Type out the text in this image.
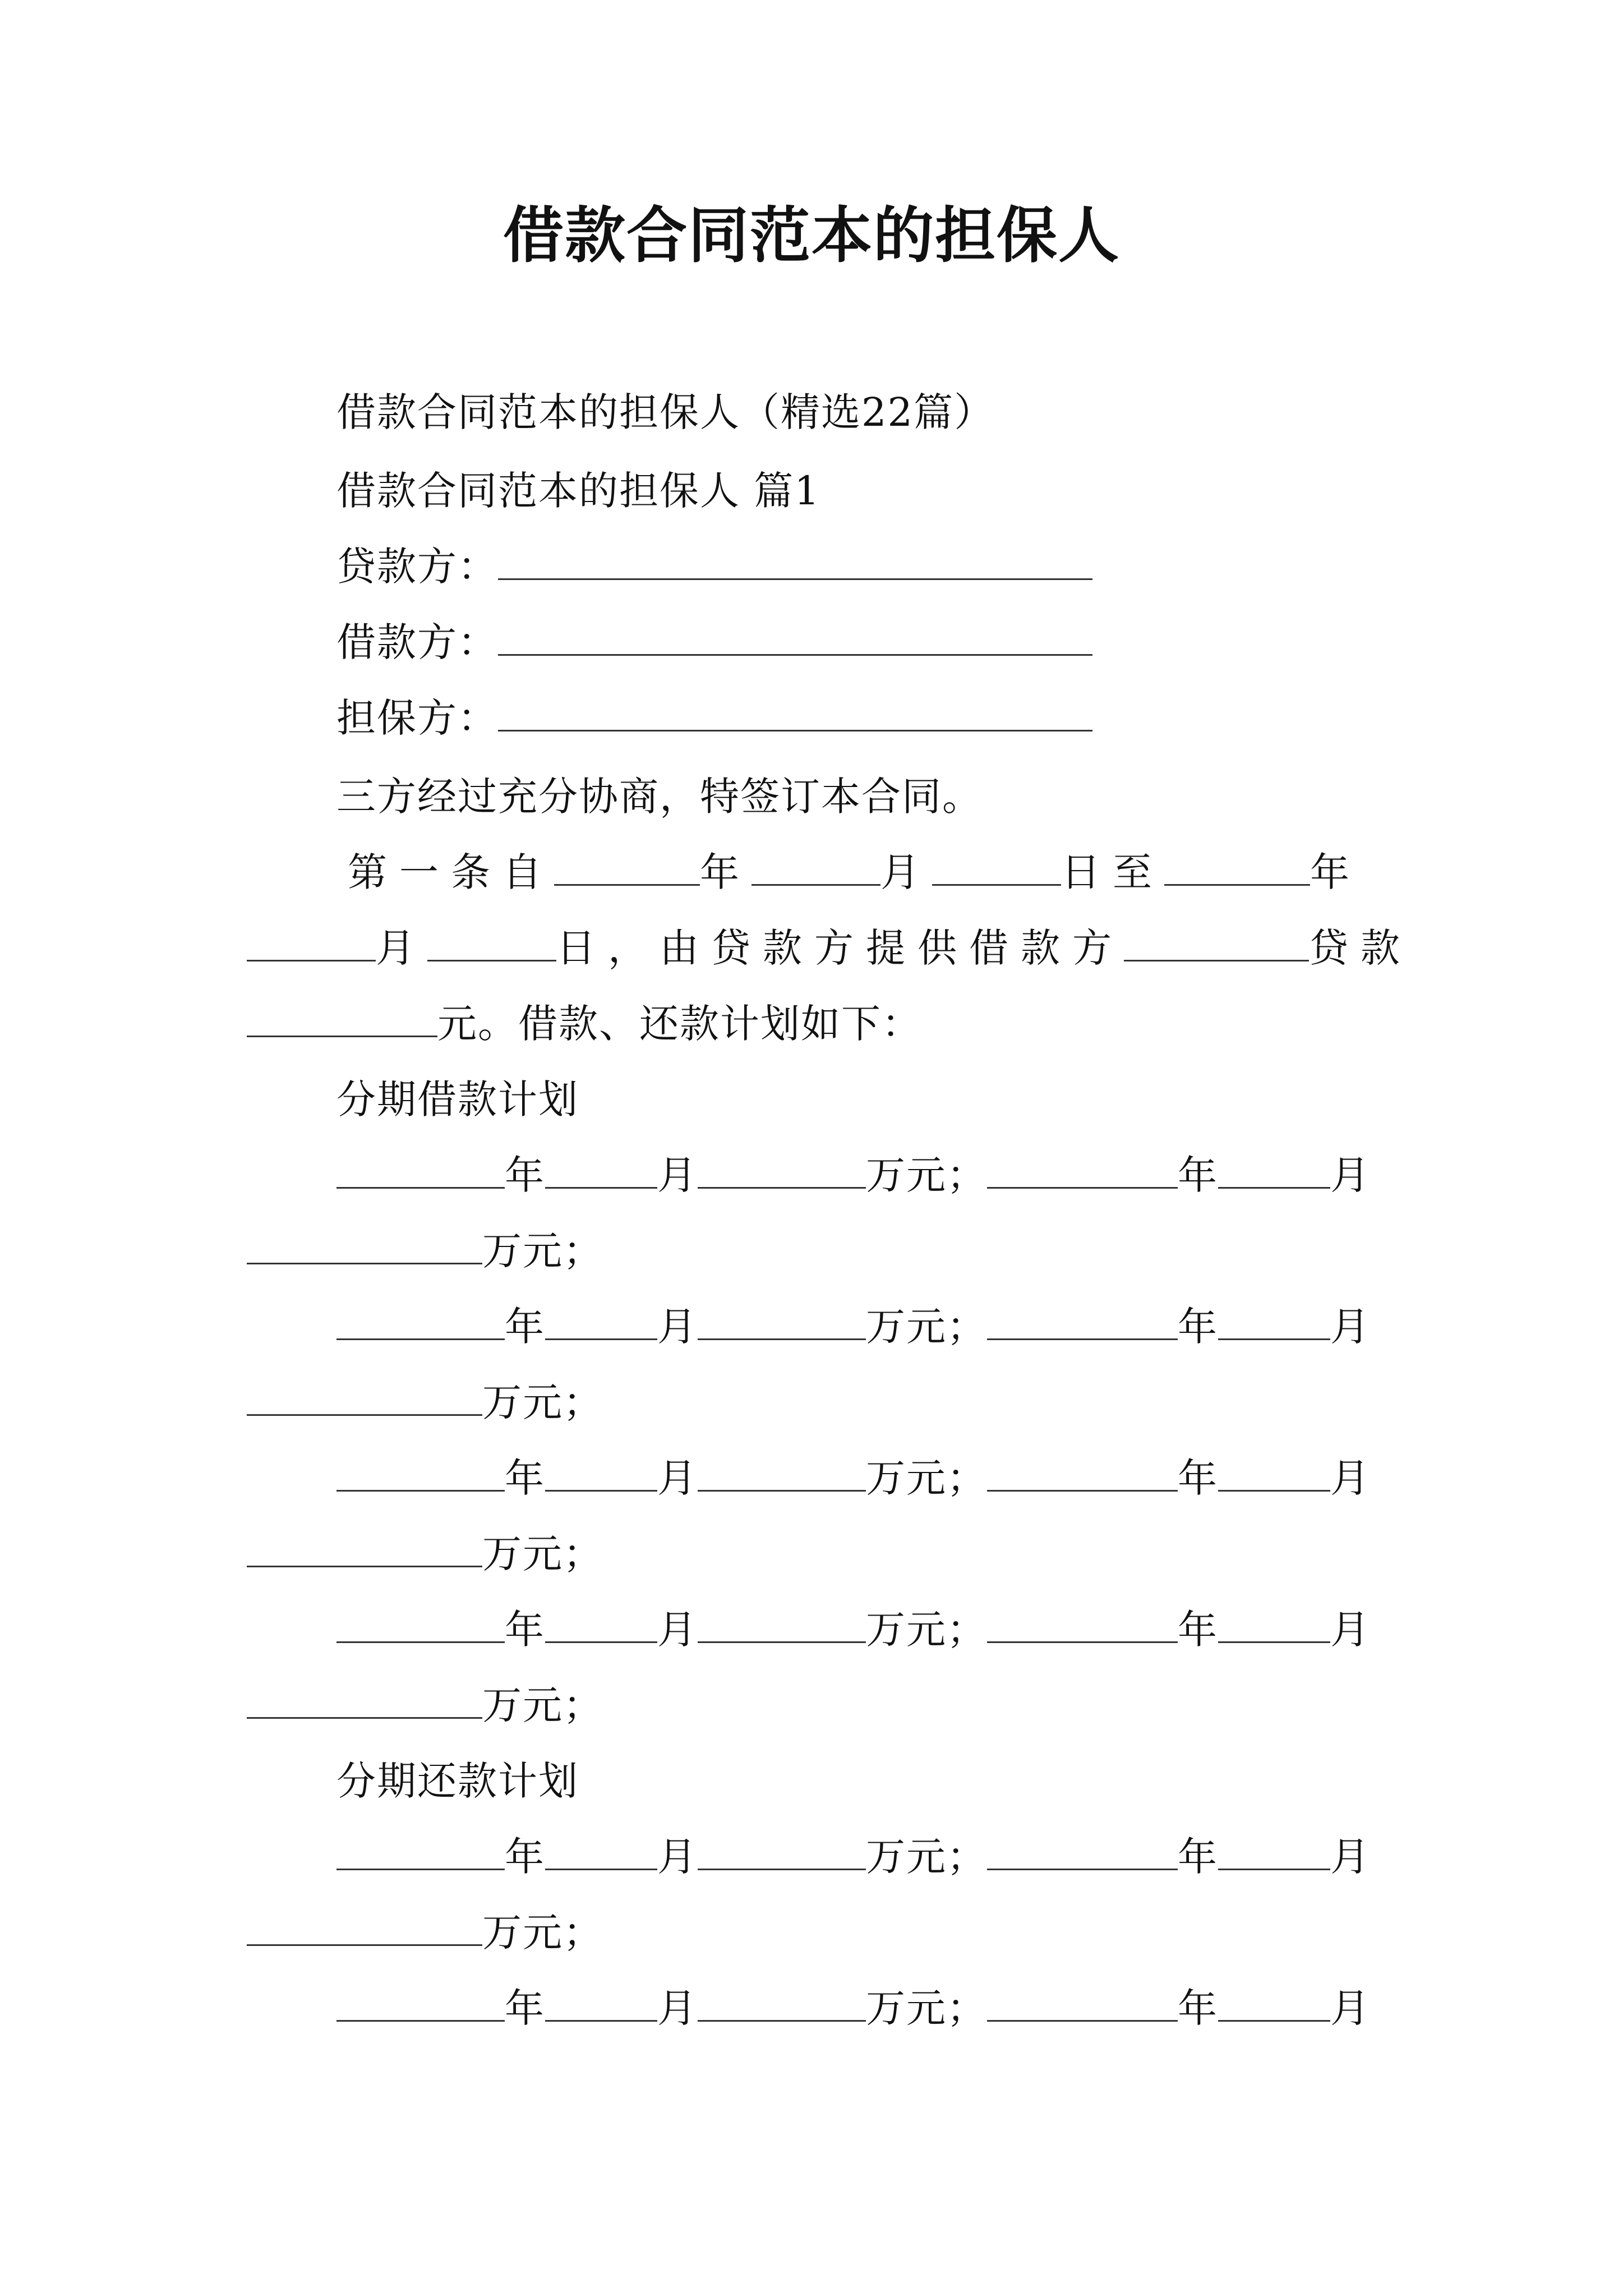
借款合同范本的担保人
借款合同范本的担保人（精选22篇）
借款合同范本的担保人 篇1
贷款方：
借款方：
担保方：
三方经过充分协商，特签订本合同。
第一条自	年	月	日至	年
月	日，由贷款方提供借款方	贷款
元。借款、还款计划如下：
分期借款计划
年	月	万元；	年	月
万元；
年	月	万元；	年	月
万元；
年	月	万元；	年	月
万元；
年	月	万元；	年	月
万元；
分期还款计划
年	月	万元；	年	月
万元；
年	月	万元；	年	月
